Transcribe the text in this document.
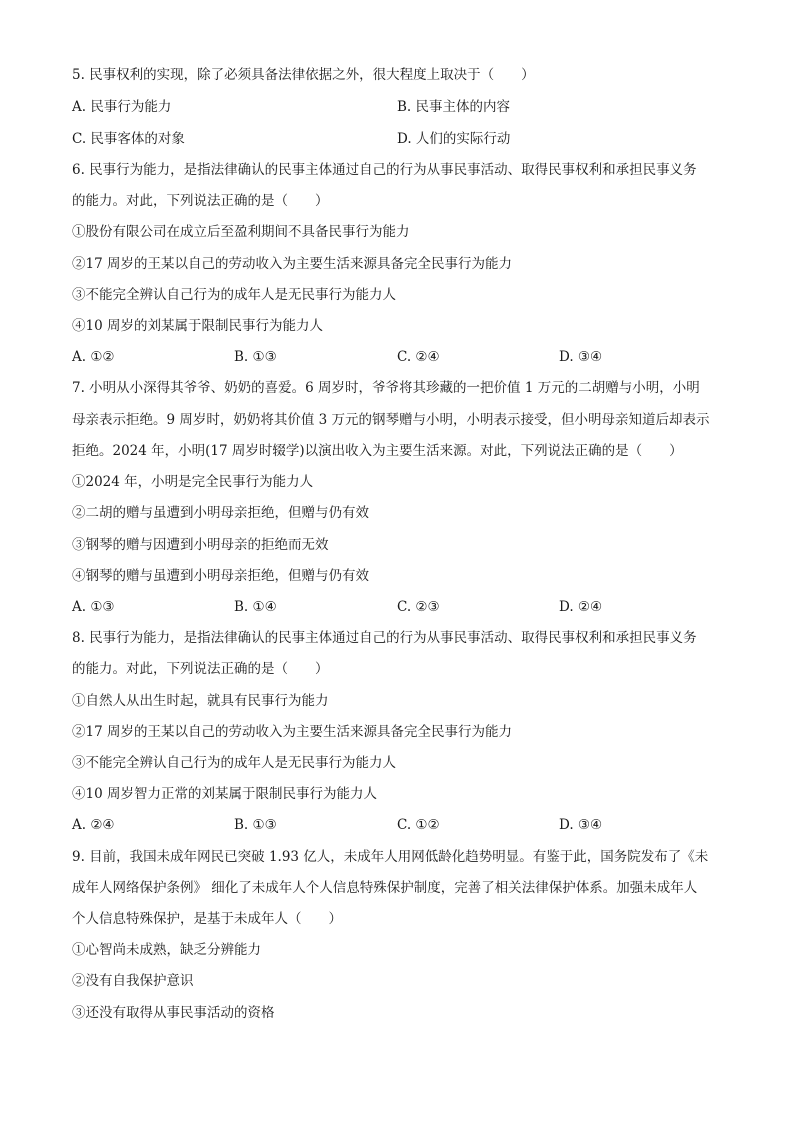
5. 民事权利的实现，除了必须具备法律依据之外，很大程度上取决于（　　）
A. 民事行为能力	B. 民事主体的内容
C. 民事客体的对象	D. 人们的实际行动
6. 民事行为能力，是指法律确认的民事主体通过自己的行为从事民事活动、取得民事权利和承担民事义务
的能力。对此，下列说法正确的是（　　）
①股份有限公司在成立后至盈利期间不具备民事行为能力
②17 周岁的王某以自己的劳动收入为主要生活来源具备完全民事行为能力
③不能完全辨认自己行为的成年人是无民事行为能力人
④10 周岁的刘某属于限制民事行为能力人
A. ①②	B. ①③	C. ②④	D. ③④
7. 小明从小深得其爷爷、奶奶的喜爱。6 周岁时，爷爷将其珍藏的一把价值 1 万元的二胡赠与小明，小明
母亲表示拒绝。9 周岁时，奶奶将其价值 3 万元的钢琴赠与小明，小明表示接受，但小明母亲知道后却表示
拒绝。2024 年，小明(17 周岁时辍学)以演出收入为主要生活来源。对此，下列说法正确的是（　　）
①2024 年，小明是完全民事行为能力人
②二胡的赠与虽遭到小明母亲拒绝，但赠与仍有效
③钢琴的赠与因遭到小明母亲的拒绝而无效
④钢琴的赠与虽遭到小明母亲拒绝，但赠与仍有效
A. ①③	B. ①④	C. ②③	D. ②④
8. 民事行为能力，是指法律确认的民事主体通过自己的行为从事民事活动、取得民事权利和承担民事义务
的能力。对此，下列说法正确的是（　　）
①自然人从出生时起，就具有民事行为能力
②17 周岁的王某以自己的劳动收入为主要生活来源具备完全民事行为能力
③不能完全辨认自己行为的成年人是无民事行为能力人
④10 周岁智力正常的刘某属于限制民事行为能力人
A. ②④	B. ①③	C. ①②	D. ③④
9. 目前，我国未成年网民已突破 1.93 亿人，未成年人用网低龄化趋势明显。有鉴于此，国务院发布了《未
成年人网络保护条例》 细化了未成年人个人信息特殊保护制度，完善了相关法律保护体系。加强未成年人
个人信息特殊保护，是基于未成年人（　　）
①心智尚未成熟，缺乏分辨能力
②没有自我保护意识
③还没有取得从事民事活动的资格
